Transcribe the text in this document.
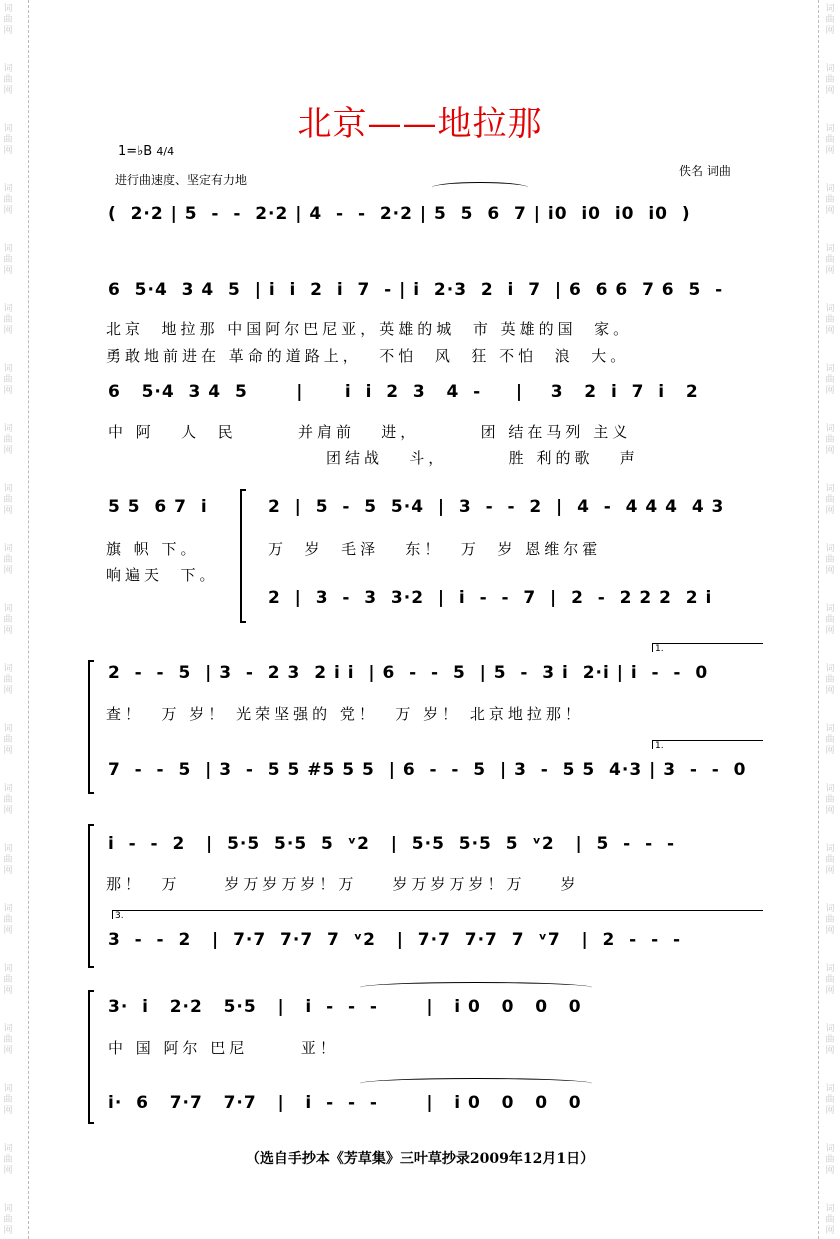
词
曲
网
词
曲
网
词
曲
网
词
曲
网
词
曲
网
词
曲
网
词
曲
网
词
曲
网
词
曲
网
词
曲
网
词
曲
网
词
曲
网
词
曲
网
词
曲
网
词
曲
网
词
曲
网
词
曲
网
词
曲
网
词
曲
网
词
曲
网
词
曲
网
词
曲
网
词
曲
网
词
曲
网
词
曲
网
词
曲
网
词
曲
网
词
曲
网
词
曲
网
词
曲
网
词
曲
网
词
曲
网
词
曲
网
词
曲
网
词
曲
网
词
曲
网
词
曲
网
词
曲
网
词
曲
网
词
曲
网
词
曲
网
词
曲
网
北京——地拉那
1=♭B 4/4
进行曲速度、坚定有力地
佚名 词曲
(  2·2 | 5  -  -  2·2 | 4  -  -  2·2 | 5  5  6  7 | i0  i0  i0  i0  )
6  5·4  3 4  5  | i  i  2  i  7  - | i  2·3  2  i  7  | 6  6 6  7 6  5  -
北京  地拉那 中国阿尔巴尼亚，英雄的城  市 英雄的国  家。
勇敢地前进在 革命的道路上，  不怕  风  狂 不怕  浪  大。
6   5·4  3 4  5       |      i  i  2  3   4  -     |    3   2  i  7  i   2
中 阿   人  民       并肩前   进，       团 结在马列 主义
团结战   斗，       胜 利的歌   声
5 5  6 7  i	2  |  5  -  5  5·4  |  3  -  -  2  |  4  -  4 4 4  4 3
2  |  3  -  3  3·2  |  i  -  -  7  |  2  -  2 2 2  2 i
旗 帜 下。
响遍天  下。
万  岁  毛泽   东！  万  岁 恩维尔霍
1.
2  -  -  5  | 3  -  2 3  2 i i  | 6  -  -  5  | 5  -  3 i  2·i | i  -  -  0
查！  万 岁！ 光荣坚强的 党！  万 岁！ 北京地拉那！
1.
7  -  -  5  | 3  -  5 5 #5 5 5  | 6  -  -  5  | 3  -  5 5  4·3 | 3  -  -  0
i  -  -  2   |  5·5  5·5  5  ᵛ2   |  5·5  5·5  5  ᵛ2   |  5  -  -  -
那！  万     岁万岁万岁！万    岁万岁万岁！万    岁
3.
3  -  -  2   |  7·7  7·7  7  ᵛ2   |  7·7  7·7  7  ᵛ7   |  2  -  -  -
3·  i   2·2   5·5   |   i  -  -  -       |   i 0   0   0   0
中 国 阿尔 巴尼      亚！
i·  6   7·7   7·7   |   i  -  -  -       |   i 0   0   0   0
（选自手抄本《芳草集》三叶草抄录2009年12月1日）
